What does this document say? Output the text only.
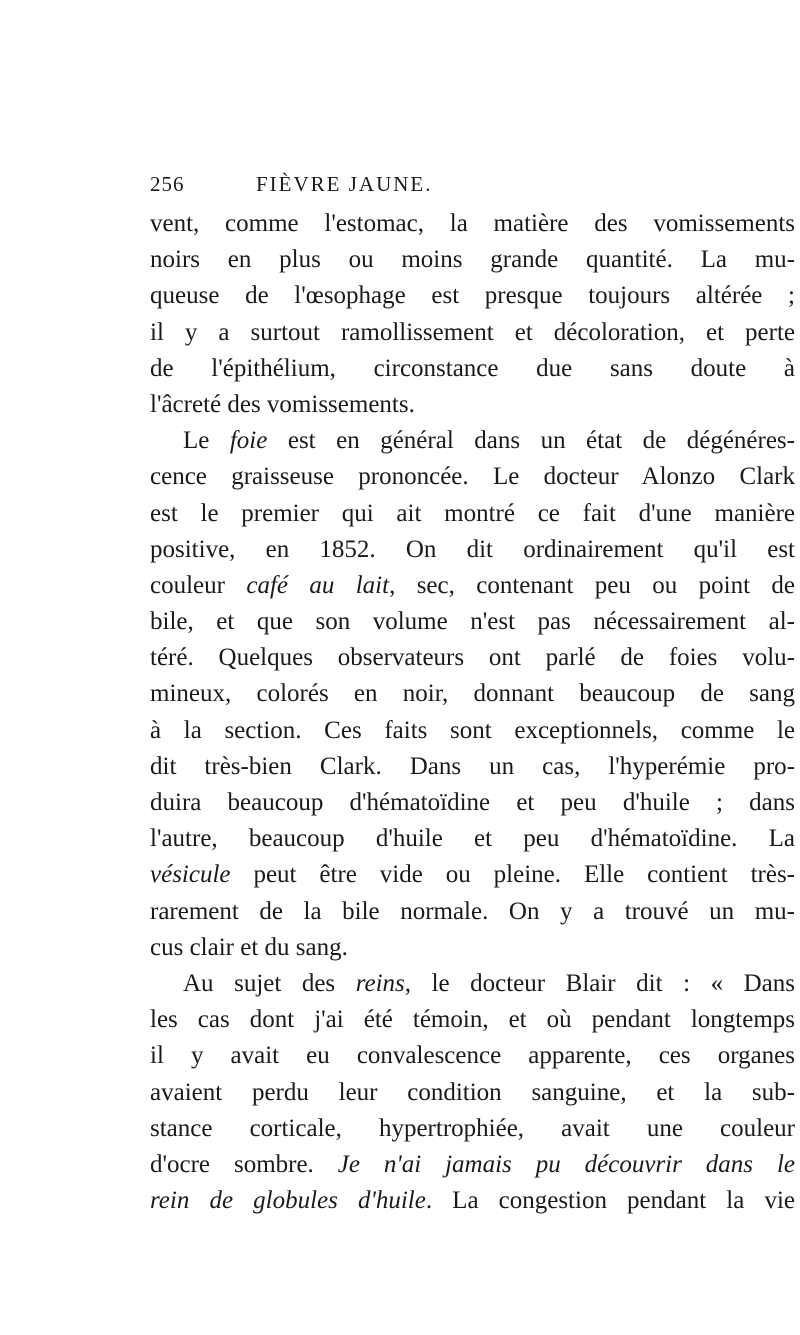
256	FIÈVRE JAUNE.
vent, comme l'estomac, la matière des vomissements
noirs en plus ou moins grande quantité. La mu-
queuse de l'œsophage est presque toujours altérée ;
il y a surtout ramollissement et décoloration, et perte
de l'épithélium, circonstance due sans doute à
l'âcreté des vomissements.
Le foie est en général dans un état de dégénéres-
cence graisseuse prononcée. Le docteur Alonzo Clark
est le premier qui ait montré ce fait d'une manière
positive, en 1852. On dit ordinairement qu'il est
couleur café au lait, sec, contenant peu ou point de
bile, et que son volume n'est pas nécessairement al-
téré. Quelques observateurs ont parlé de foies volu-
mineux, colorés en noir, donnant beaucoup de sang
à la section. Ces faits sont exceptionnels, comme le
dit très-bien Clark. Dans un cas, l'hyperémie pro-
duira beaucoup d'hématoïdine et peu d'huile ; dans
l'autre, beaucoup d'huile et peu d'hématoïdine. La
vésicule peut être vide ou pleine. Elle contient très-
rarement de la bile normale. On y a trouvé un mu-
cus clair et du sang.
Au sujet des reins, le docteur Blair dit : « Dans
les cas dont j'ai été témoin, et où pendant longtemps
il y avait eu convalescence apparente, ces organes
avaient perdu leur condition sanguine, et la sub-
stance corticale, hypertrophiée, avait une couleur
d'ocre sombre. Je n'ai jamais pu découvrir dans le
rein de globules d'huile. La congestion pendant la vie
